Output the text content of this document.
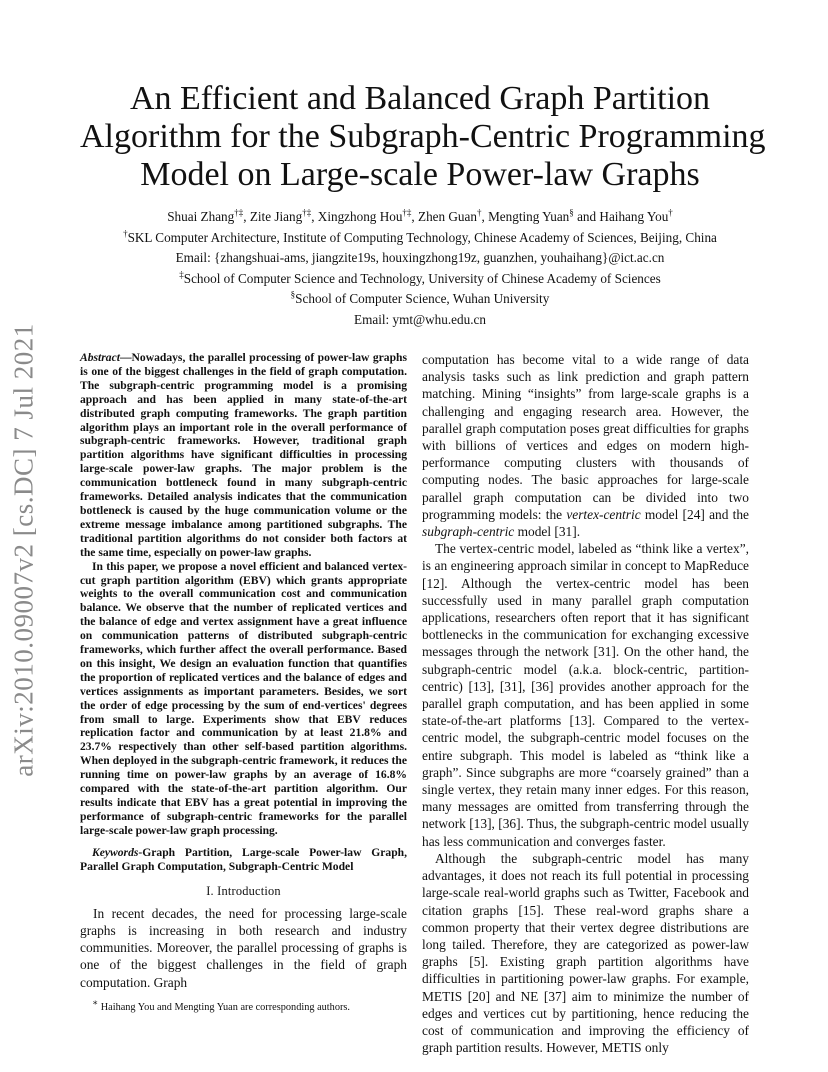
arXiv:2010.09007v2 [cs.DC] 7 Jul 2021
An Efficient and Balanced Graph Partition
Algorithm for the Subgraph-Centric Programming
Model on Large-scale Power-law Graphs
Shuai Zhang†‡, Zite Jiang†‡, Xingzhong Hou†‡, Zhen Guan†, Mengting Yuan§ and Haihang You†
†SKL Computer Architecture, Institute of Computing Technology, Chinese Academy of Sciences, Beijing, China
Email: {zhangshuai-ams, jiangzite19s, houxingzhong19z, guanzhen, youhaihang}@ict.ac.cn
‡School of Computer Science and Technology, University of Chinese Academy of Sciences
§School of Computer Science, Wuhan University
Email: ymt@whu.edu.cn

Abstract—Nowadays, the parallel processing of power-law graphs is one of the biggest challenges in the field of graph computation. The subgraph-centric programming model is a promising approach and has been applied in many state-of-the-art distributed graph computing frameworks. The graph partition algorithm plays an important role in the overall performance of subgraph-centric frameworks. However, traditional graph partition algorithms have significant difficulties in processing large-scale power-law graphs. The major problem is the communication bottleneck found in many subgraph-centric frameworks. Detailed analysis indicates that the communication bottleneck is caused by the huge communication volume or the extreme message imbalance among partitioned subgraphs. The traditional partition algorithms do not consider both factors at the same time, especially on power-law graphs.

In this paper, we propose a novel efficient and balanced vertex-cut graph partition algorithm (EBV) which grants appropriate weights to the overall communication cost and communication balance. We observe that the number of replicated vertices and the balance of edge and vertex assignment have a great influence on communication patterns of distributed subgraph-centric frameworks, which further affect the overall performance. Based on this insight, We design an evaluation function that quantifies the proportion of replicated vertices and the balance of edges and vertices assignments as important parameters. Besides, we sort the order of edge processing by the sum of end-vertices' degrees from small to large. Experiments show that EBV reduces replication factor and communication by at least 21.8% and 23.7% respectively than other self-based partition algorithms. When deployed in the subgraph-centric framework, it reduces the running time on power-law graphs by an average of 16.8% compared with the state-of-the-art partition algorithm. Our results indicate that EBV has a great potential in improving the performance of subgraph-centric frameworks for the parallel large-scale power-law graph processing.

Keywords-Graph Partition, Large-scale Power-law Graph, Parallel Graph Computation, Subgraph-Centric Model

I. Introduction

In recent decades, the need for processing large-scale graphs is increasing in both research and industry communities. Moreover, the parallel processing of graphs is one of the biggest challenges in the field of graph computation. Graph

∗ Haihang You and Mengting Yuan are corresponding authors.

computation has become vital to a wide range of data analysis tasks such as link prediction and graph pattern matching. Mining “insights” from large-scale graphs is a challenging and engaging research area. However, the parallel graph computation poses great difficulties for graphs with billions of vertices and edges on modern high-performance computing clusters with thousands of computing nodes. The basic approaches for large-scale parallel graph computation can be divided into two programming models: the vertex-centric model [24] and the subgraph-centric model [31].

The vertex-centric model, labeled as “think like a vertex”, is an engineering approach similar in concept to MapReduce [12]. Although the vertex-centric model has been successfully used in many parallel graph computation applications, researchers often report that it has significant bottlenecks in the communication for exchanging excessive messages through the network [31]. On the other hand, the subgraph-centric model (a.k.a. block-centric, partition-centric) [13], [31], [36] provides another approach for the parallel graph computation, and has been applied in some state-of-the-art platforms [13]. Compared to the vertex-centric model, the subgraph-centric model focuses on the entire subgraph. This model is labeled as “think like a graph”. Since subgraphs are more “coarsely grained” than a single vertex, they retain many inner edges. For this reason, many messages are omitted from transferring through the network [13], [36]. Thus, the subgraph-centric model usually has less communication and converges faster.

Although the subgraph-centric model has many advantages, it does not reach its full potential in processing large-scale real-world graphs such as Twitter, Facebook and citation graphs [15]. These real-word graphs share a common property that their vertex degree distributions are long tailed. Therefore, they are categorized as power-law graphs [5]. Existing graph partition algorithms have difficulties in partitioning power-law graphs. For example, METIS [20] and NE [37] aim to minimize the number of edges and vertices cut by partitioning, hence reducing the cost of communication and improving the efficiency of graph partition results. However, METIS only
